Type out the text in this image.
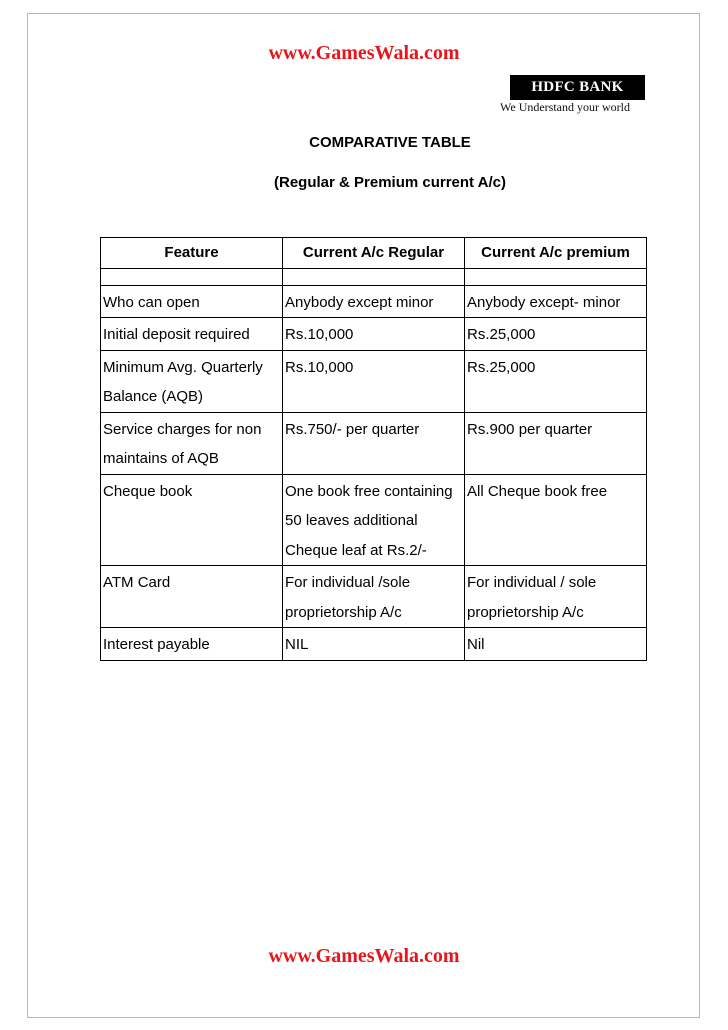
www.GamesWala.com
HDFC BANK
We Understand your world
COMPARATIVE TABLE
(Regular & Premium current A/c)
Feature	Current A/c Regular	Current A/c premium

Who can open	Anybody except minor	Anybody except- minor
Initial deposit required	Rs.10,000	Rs.25,000
Minimum Avg. Quarterly Balance (AQB)	Rs.10,000	Rs.25,000
Service charges for non maintains of AQB	Rs.750/- per quarter	Rs.900 per quarter
Cheque book	One book free containing 50 leaves additional Cheque leaf at Rs.2/-	All Cheque book free
ATM Card	For individual /sole proprietorship A/c	For individual / sole proprietorship A/c
Interest payable	NIL	Nil
www.GamesWala.com
